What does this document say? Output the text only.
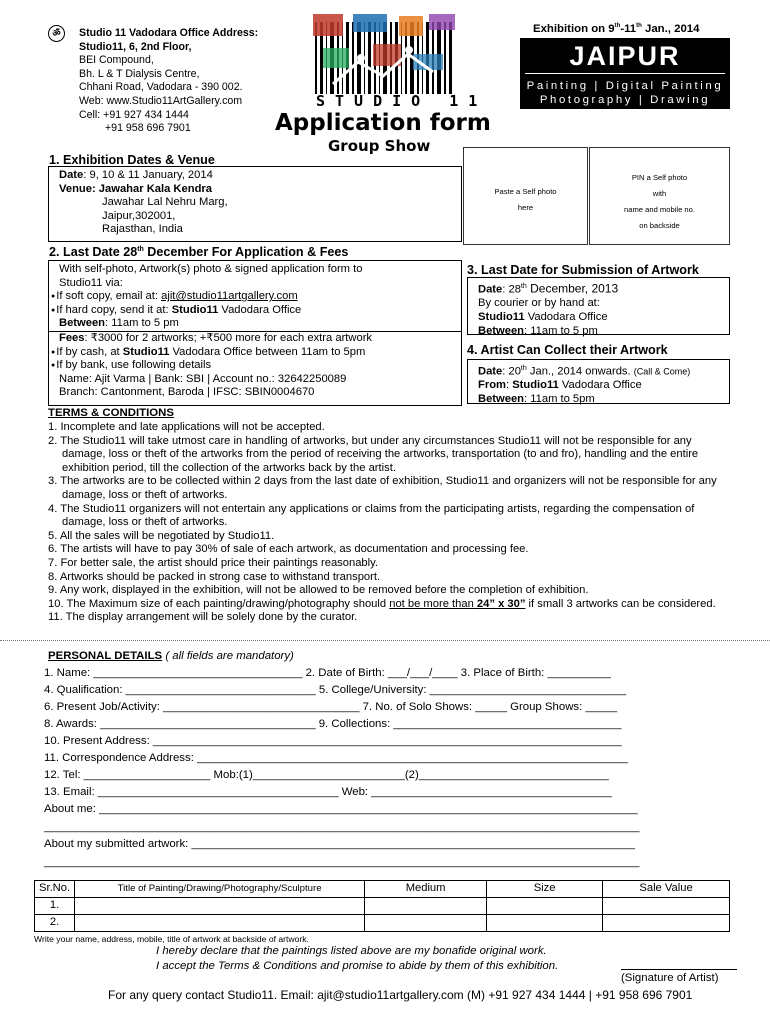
ॐ	Studio 11 Vadodara Office Address:
Studio11, 6, 2nd Floor,
BEI Compound,
Bh. L & T Dialysis Centre,
Chhani Road, Vadodara - 390 002.
Web: www.Studio11ArtGallery.com
Cell: +91 927 434 1444
+91 958 696 7901
STUDIO 11
Application form
Group Show
Exhibition on 9th-11th Jan., 2014
JAIPUR
Painting | Digital Painting
Photography | Drawing
Paste a Self photo
here
PIN a Self photo
with
name and mobile no.
on backside
1. Exhibition Dates & Venue
Date: 9, 10 & 11 January, 2014
Venue: Jawahar Kala Kendra
Jawahar Lal Nehru Marg,
Jaipur,302001,
Rajasthan, India
2. Last Date 28th December For Application & Fees
With self-photo, Artwork(s) photo & signed application form to
Studio11 via:
● If soft copy, email at: ajit@studio11artgallery.com
● If hard copy, send it at: Studio11 Vadodara Office
Between: 11am to 5 pm
Fees: ₹3000 for 2 artworks; +₹500 more for each extra artwork
● If by cash, at Studio11 Vadodara Office between 11am to 5pm
● If by bank, use following details
Name: Ajit Varma | Bank: SBI | Account no.: 32642250089
Branch: Cantonment, Baroda | IFSC: SBIN0004670
3. Last Date for Submission of Artwork
Date: 28th December, 2013
By courier or by hand at:
Studio11 Vadodara Office
Between: 11am to 5 pm
4. Artist Can Collect their Artwork
Date: 20th Jan., 2014 onwards. (Call & Come)
From: Studio11 Vadodara Office
Between: 11am to 5pm
TERMS & CONDITIONS
1. Incomplete and late applications will not be accepted.
2. The Studio11 will take utmost care in handling of artworks, but under any circumstances Studio11 will not be responsible for any damage, loss or theft of the artworks from the period of receiving the artworks, transportation (to and fro), handling and the entire exhibition period, till the collection of the artworks back by the artist.
3. The artworks are to be collected within 2 days from the last date of exhibition, Studio11 and organizers will not be responsible for any damage, loss or theft of artworks.
4. The Studio11 organizers will not entertain any applications or claims from the participating artists, regarding the compensation of damage, loss or theft of artworks.
5. All the sales will be negotiated by Studio11.
6. The artists will have to pay 30% of sale of each artwork, as documentation and processing fee.
7. For better sale, the artist should price their paintings reasonably.
8. Artworks should be packed in strong case to withstand transport.
9. Any work, displayed in the exhibition, will not be allowed to be removed before the completion of exhibition.
10. The Maximum size of each painting/drawing/photography should not be more than 24” x 30” if small 3 artworks can be considered.
11. The display arrangement will be solely done by the curator.
PERSONAL DETAILS ( all fields are mandatory)
1. Name: _________________________________ 2. Date of Birth: ___/___/____ 3. Place of Birth: __________
4. Qualification: ______________________________ 5. College/University: _______________________________
6. Present Job/Activity: _______________________________ 7. No. of Solo Shows: _____ Group Shows: _____
8. Awards: __________________________________ 9. Collections: ____________________________________
10. Present Address: __________________________________________________________________________
11. Correspondence Address: ____________________________________________________________________
12. Tel: ____________________ Mob:(1)________________________(2)______________________________
13. Email: ______________________________________ Web: ______________________________________
About me: _____________________________________________________________________________________
______________________________________________________________________________________________
About my submitted artwork: ______________________________________________________________________
______________________________________________________________________________________________
Sr.No.	Title of Painting/Drawing/Photography/Sculpture	Medium	Size	Sale Value
1.				
2.				
Write your name, address, mobile, title of artwork at backside of artwork.
I hereby declare that the paintings listed above are my bonafide original work.
I accept the Terms & Conditions and promise to abide by them of this exhibition.
(Signature of Artist)
For any query contact Studio11. Email: ajit@studio11artgallery.com (M) +91 927 434 1444 | +91 958 696 7901
